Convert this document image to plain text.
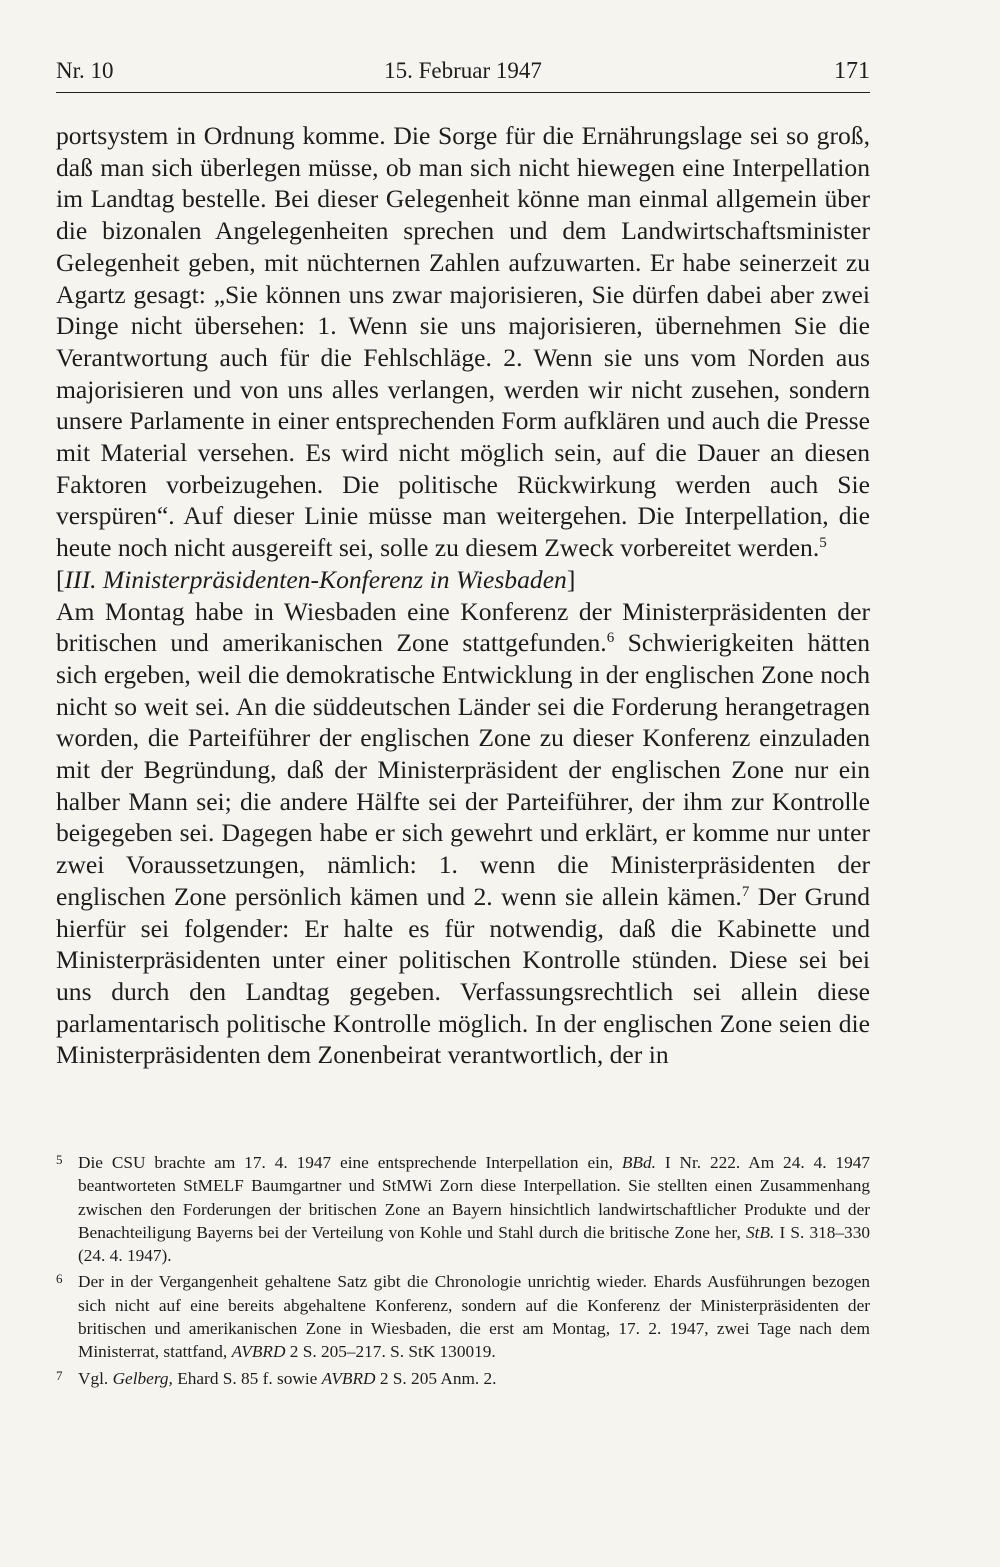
Nr. 10	15. Februar 1947	171

portsystem in Ordnung komme. Die Sorge für die Ernährungslage sei so groß, daß man sich überlegen müsse, ob man sich nicht hiewegen eine Interpellation im Landtag bestelle. Bei dieser Gelegenheit könne man einmal allgemein über die bizonalen Angelegenheiten sprechen und dem Landwirtschaftsminister Gelegenheit geben, mit nüchternen Zahlen aufzuwarten. Er habe seinerzeit zu Agartz gesagt: „Sie können uns zwar majorisieren, Sie dürfen dabei aber zwei Dinge nicht übersehen: 1. Wenn sie uns majorisieren, übernehmen Sie die Verantwortung auch für die Fehlschläge. 2. Wenn sie uns vom Norden aus majorisieren und von uns alles verlangen, werden wir nicht zusehen, sondern unsere Parlamente in einer entsprechenden Form aufklären und auch die Presse mit Material versehen. Es wird nicht möglich sein, auf die Dauer an diesen Faktoren vorbeizugehen. Die politische Rückwirkung werden auch Sie verspüren“. Auf dieser Linie müsse man weitergehen. Die Interpellation, die heute noch nicht ausgereift sei, solle zu diesem Zweck vorbereitet werden.$^5$

[III. Ministerpräsidenten-Konferenz in Wiesbaden]

Am Montag habe in Wiesbaden eine Konferenz der Ministerpräsidenten der britischen und amerikanischen Zone stattgefunden.$^6$ Schwierigkeiten hätten sich ergeben, weil die demokratische Entwicklung in der englischen Zone noch nicht so weit sei. An die süddeutschen Länder sei die Forderung herangetragen worden, die Parteiführer der englischen Zone zu dieser Konferenz einzuladen mit der Begründung, daß der Ministerpräsident der englischen Zone nur ein halber Mann sei; die andere Hälfte sei der Parteiführer, der ihm zur Kontrolle beigegeben sei. Dagegen habe er sich gewehrt und erklärt, er komme nur unter zwei Voraussetzungen, nämlich: 1. wenn die Ministerpräsidenten der englischen Zone persönlich kämen und 2. wenn sie allein kämen.$^7$ Der Grund hierfür sei folgender: Er halte es für notwendig, daß die Kabinette und Ministerpräsidenten unter einer politischen Kontrolle stünden. Diese sei bei uns durch den Landtag gegeben. Verfassungsrechtlich sei allein diese parlamentarisch politische Kontrolle möglich. In der englischen Zone seien die Ministerpräsidenten dem Zonenbeirat verantwortlich, der in

5 Die CSU brachte am 17. 4. 1947 eine entsprechende Interpellation ein, BBd. I Nr. 222. Am 24. 4. 1947 beantworteten StMELF Baumgartner und StMWi Zorn diese Interpellation. Sie stellten einen Zusammenhang zwischen den Forderungen der britischen Zone an Bayern hinsichtlich landwirtschaftlicher Produkte und der Benachteiligung Bayerns bei der Verteilung von Kohle und Stahl durch die britische Zone her, StB. I S. 318–330 (24. 4. 1947).

6 Der in der Vergangenheit gehaltene Satz gibt die Chronologie unrichtig wieder. Ehards Ausführungen bezogen sich nicht auf eine bereits abgehaltene Konferenz, sondern auf die Konferenz der Ministerpräsidenten der britischen und amerikanischen Zone in Wiesbaden, die erst am Montag, 17. 2. 1947, zwei Tage nach dem Ministerrat, stattfand, AVBRD 2 S. 205–217. S. StK 130019.

7 Vgl. Gelberg, Ehard S. 85 f. sowie AVBRD 2 S. 205 Anm. 2.
